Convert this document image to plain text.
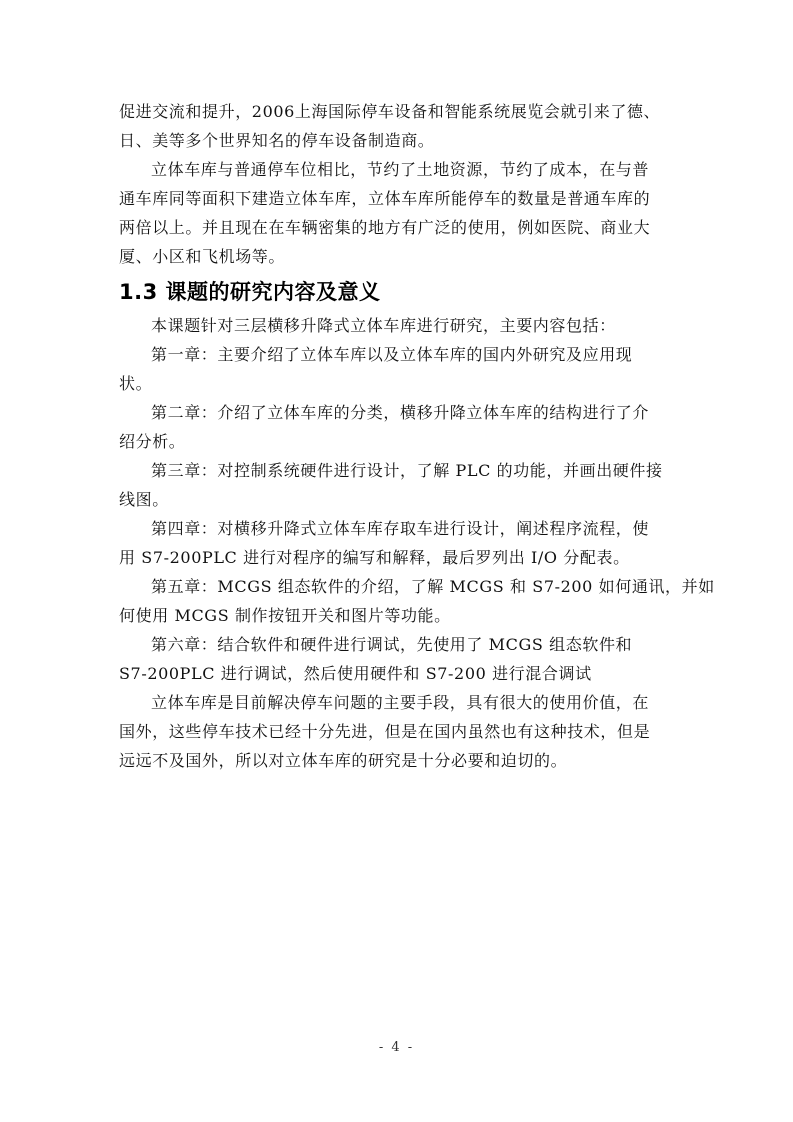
促进交流和提升，2006上海国际停车设备和智能系统展览会就引来了德、
日、美等多个世界知名的停车设备制造商。

立体车库与普通停车位相比，节约了土地资源，节约了成本，在与普
通车库同等面积下建造立体车库，立体车库所能停车的数量是普通车库的
两倍以上。并且现在在车辆密集的地方有广泛的使用，例如医院、商业大
厦、小区和飞机场等。

1.3 课题的研究内容及意义

本课题针对三层横移升降式立体车库进行研究，主要内容包括：

第一章：主要介绍了立体车库以及立体车库的国内外研究及应用现
状。

第二章：介绍了立体车库的分类，横移升降立体车库的结构进行了介
绍分析。

第三章：对控制系统硬件进行设计，了解 PLC 的功能，并画出硬件接
线图。

第四章：对横移升降式立体车库存取车进行设计，阐述程序流程，使
用 S7-200PLC 进行对程序的编写和解释，最后罗列出 I/O 分配表。

第五章：MCGS 组态软件的介绍，了解 MCGS 和 S7-200 如何通讯，并如
何使用 MCGS 制作按钮开关和图片等功能。

第六章：结合软件和硬件进行调试，先使用了 MCGS 组态软件和
S7-200PLC 进行调试，然后使用硬件和 S7-200 进行混合调试

立体车库是目前解决停车问题的主要手段，具有很大的使用价值，在
国外，这些停车技术已经十分先进，但是在国内虽然也有这种技术，但是
远远不及国外，所以对立体车库的研究是十分必要和迫切的。

- 4 -
